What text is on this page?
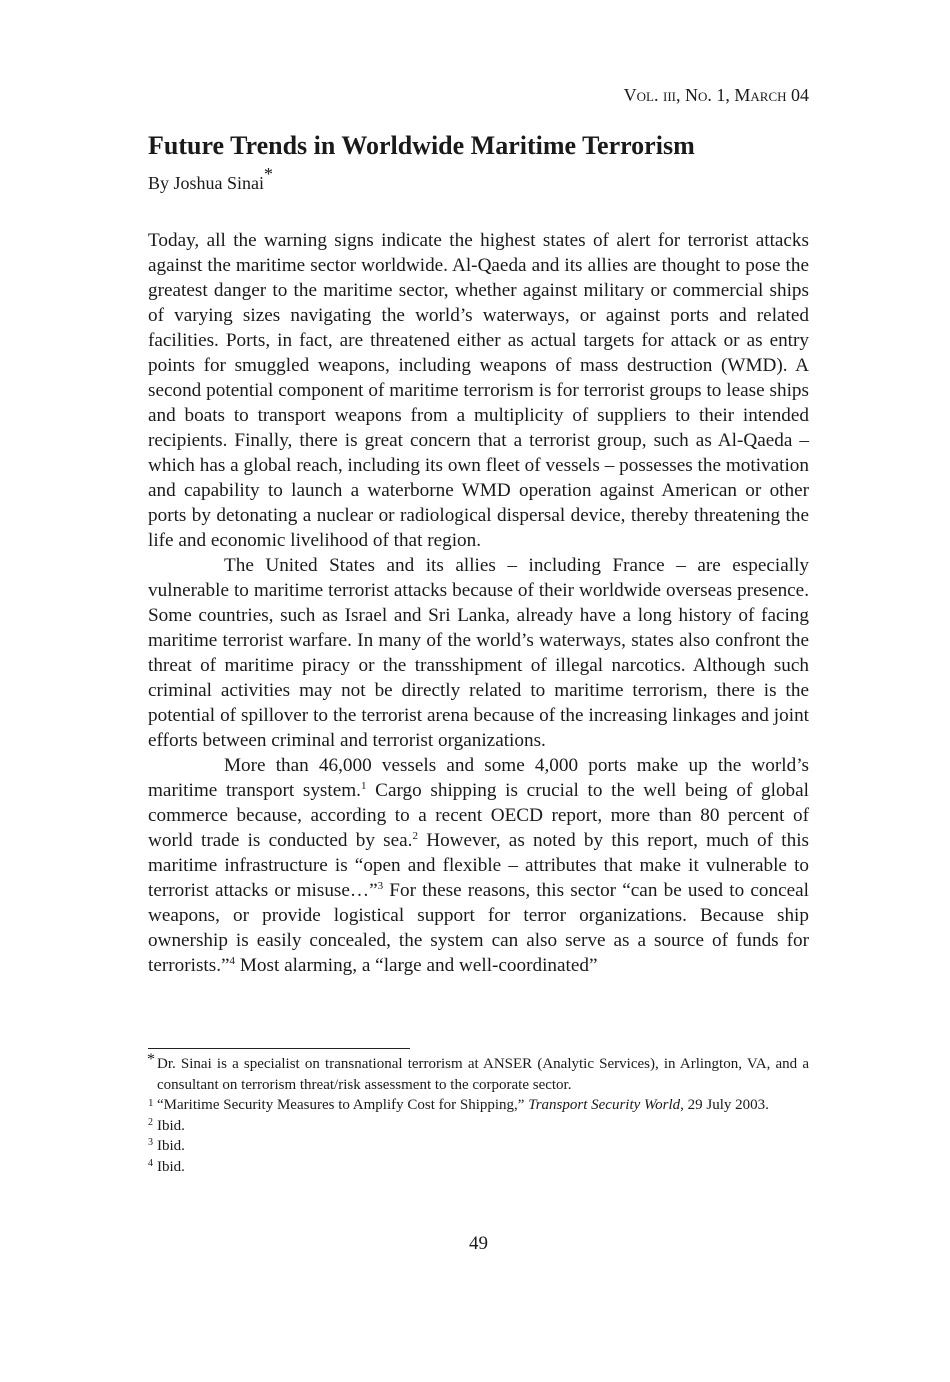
Vol. iii, No. 1, March 04
Future Trends in Worldwide Maritime Terrorism
By Joshua Sinai*

Today, all the warning signs indicate the highest states of alert for terrorist attacks against the maritime sector worldwide. Al-Qaeda and its allies are thought to pose the greatest danger to the maritime sector, whether against military or commercial ships of varying sizes navigating the world’s waterways, or against ports and related facilities. Ports, in fact, are threatened either as actual targets for attack or as entry points for smuggled weapons, including weapons of mass destruction (WMD). A second potential component of maritime terrorism is for terrorist groups to lease ships and boats to transport weapons from a multiplicity of suppliers to their intended recipients. Finally, there is great concern that a terrorist group, such as Al-Qaeda – which has a global reach, including its own fleet of vessels – possesses the motivation and capability to launch a waterborne WMD operation against American or other ports by detonating a nuclear or radiological dispersal device, thereby threatening the life and economic livelihood of that region.

The United States and its allies – including France – are especially vulnerable to maritime terrorist attacks because of their worldwide overseas presence. Some countries, such as Israel and Sri Lanka, already have a long history of facing maritime terrorist warfare. In many of the world’s waterways, states also confront the threat of maritime piracy or the transshipment of illegal narcotics. Although such criminal activities may not be directly related to maritime terrorism, there is the potential of spillover to the terrorist arena because of the increasing linkages and joint efforts between criminal and terrorist organizations.

More than 46,000 vessels and some 4,000 ports make up the world’s maritime transport system.$^1$ Cargo shipping is crucial to the well being of global commerce because, according to a recent OECD report, more than 80 percent of world trade is conducted by sea.$^2$ However, as noted by this report, much of this maritime infrastructure is “open and flexible – attributes that make it vulnerable to terrorist attacks or misuse…”$^3$ For these reasons, this sector “can be used to conceal weapons, or provide logistical support for terror organizations. Because ship ownership is easily concealed, the system can also serve as a source of funds for terrorists.”$^4$ Most alarming, a “large and well-coordinated”

* Dr. Sinai is a specialist on transnational terrorism at ANSER (Analytic Services), in Arlington, VA, and a consultant on terrorism threat/risk assessment to the corporate sector.
1 “Maritime Security Measures to Amplify Cost for Shipping,” Transport Security World, 29 July 2003.
2 Ibid.
3 Ibid.
4 Ibid.
49
